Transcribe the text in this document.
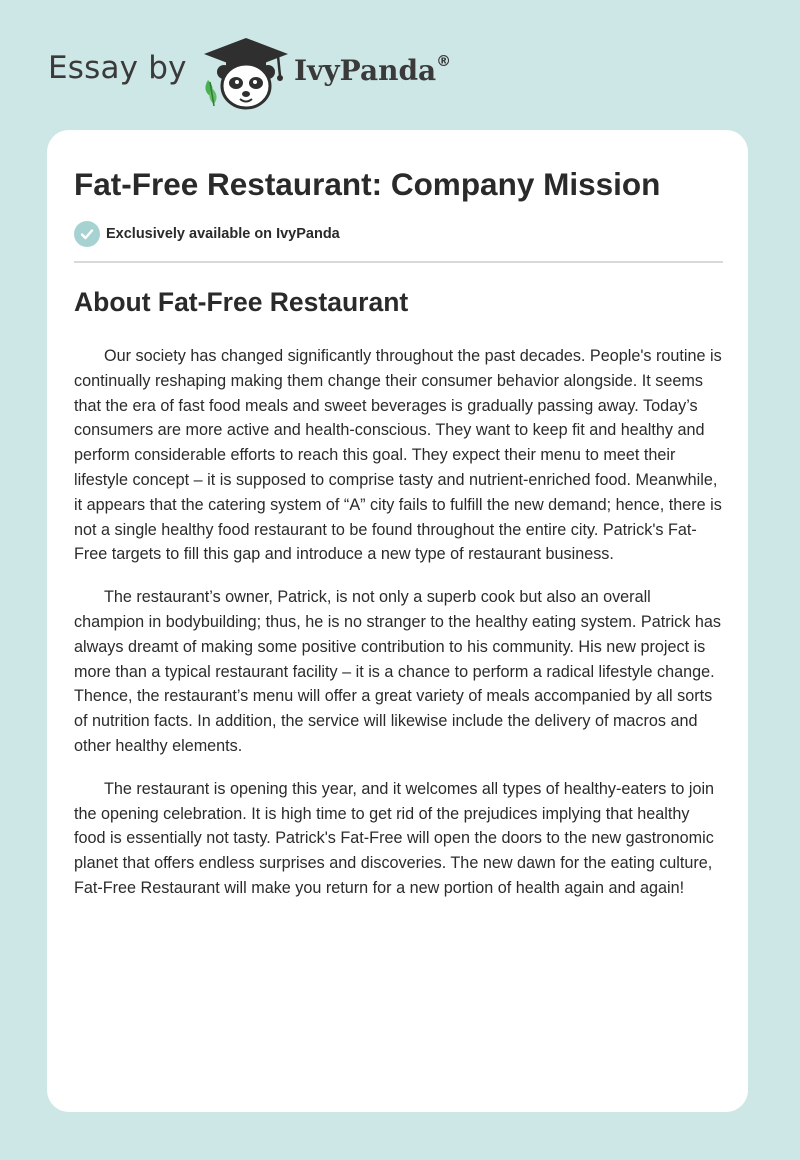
Essay by	IvyPanda®
Fat-Free Restaurant: Company Mission
Exclusively available on IvyPanda
About Fat-Free Restaurant

Our society has changed significantly throughout the past decades. People's routine is continually reshaping making them change their consumer behavior alongside. It seems that the era of fast food meals and sweet beverages is gradually passing away. Today’s consumers are more active and health-conscious. They want to keep fit and healthy and perform considerable efforts to reach this goal. They expect their menu to meet their lifestyle concept – it is supposed to comprise tasty and nutrient-enriched food. Meanwhile, it appears that the catering system of “A” city fails to fulfill the new demand; hence, there is not a single healthy food restaurant to be found throughout the entire city. Patrick's Fat-Free targets to fill this gap and introduce a new type of restaurant business.

The restaurant’s owner, Patrick, is not only a superb cook but also an overall champion in bodybuilding; thus, he is no stranger to the healthy eating system. Patrick has always dreamt of making some positive contribution to his community. His new project is more than a typical restaurant facility – it is a chance to perform a radical lifestyle change. Thence, the restaurant’s menu will offer a great variety of meals accompanied by all sorts of nutrition facts. In addition, the service will likewise include the delivery of macros and other healthy elements.

The restaurant is opening this year, and it welcomes all types of healthy-eaters to join the opening celebration. It is high time to get rid of the prejudices implying that healthy food is essentially not tasty. Patrick's Fat-Free will open the doors to the new gastronomic planet that offers endless surprises and discoveries. The new dawn for the eating culture, Fat-Free Restaurant will make you return for a new portion of health again and again!
